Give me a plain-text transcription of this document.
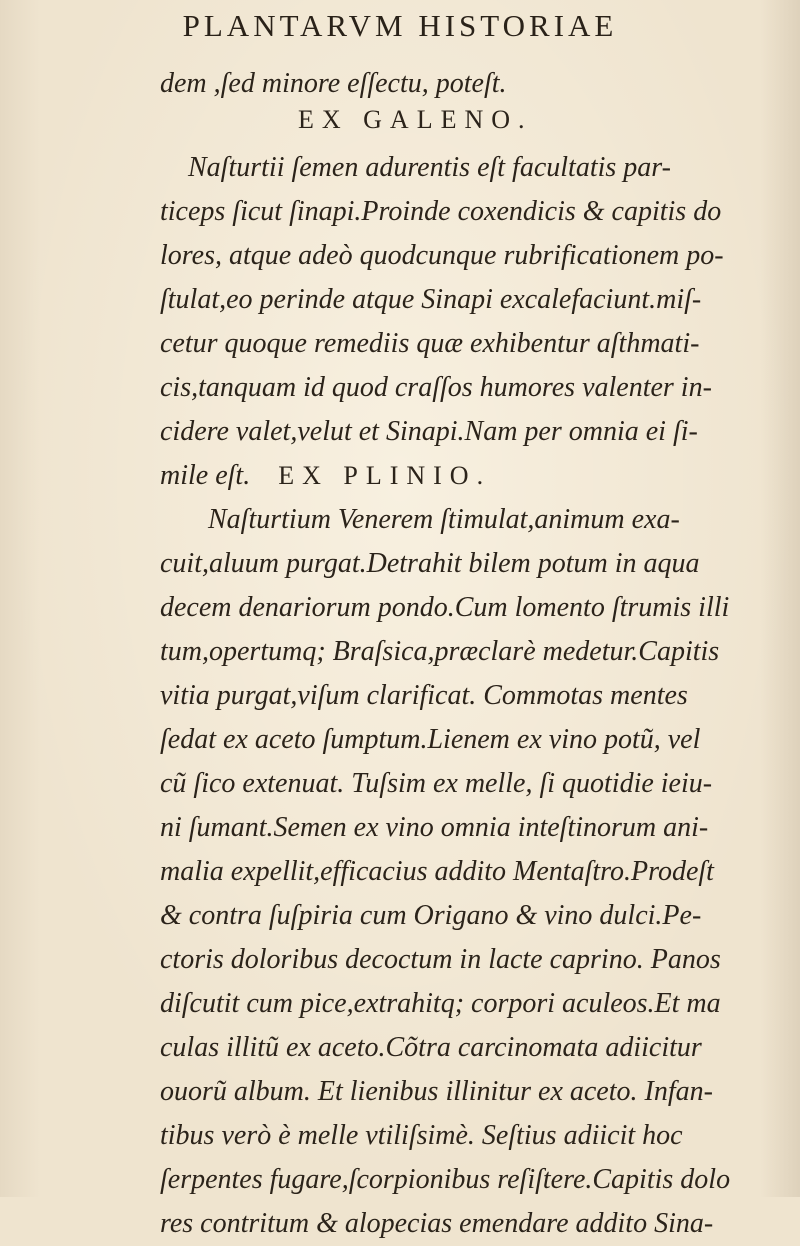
PLANTARVM HISTORIAE
dem ,ſed minore eſſectu, poteſt.
EX GALENO.
Naſturtii ſemen adurentis eſt facultatis par-
ticeps ſicut ſinapi.Proinde coxendicis & capitis do
lores, atque adeò quodcunque rubrificationem po-
ſtulat,eo perinde atque Sinapi excalefaciunt.miſ-
cetur quoque remediis quæ exhibentur aſthmati-
cis,tanquam id quod craſſos humores valenter in-
cidere valet,velut et Sinapi.Nam per omnia ei ſi-
mile eſt. EX PLINIO.
Naſturtium Venerem ſtimulat,animum exa-
cuit,aluum purgat.Detrahit bilem potum in aqua
decem denariorum pondo.Cum lomento ſtrumis illi
tum,opertumq; Braſsica,præclarè medetur.Capitis
vitia purgat,viſum clarificat. Commotas mentes
ſedat ex aceto ſumptum.Lienem ex vino potũ, vel
cũ ſico extenuat. Tuſsim ex melle, ſi quotidie ieiu-
ni ſumant.Semen ex vino omnia inteſtinorum ani-
malia expellit,efficacius addito Mentaſtro.Prodeſt
& contra ſuſpiria cum Origano & vino dulci.Pe-
ctoris doloribus decoctum in lacte caprino. Panos
diſcutit cum pice,extrahitq; corpori aculeos.Et ma
culas illitũ ex aceto.Cõtra carcinomata adiicitur
ouorũ album. Et lienibus illinitur ex aceto. Infan-
tibus verò è melle vtiliſsimè. Seſtius adiicit hoc
ſerpentes fugare,ſcorpionibus reſiſtere.Capitis dolo
res contritum & alopecias emendare addito Sina-
